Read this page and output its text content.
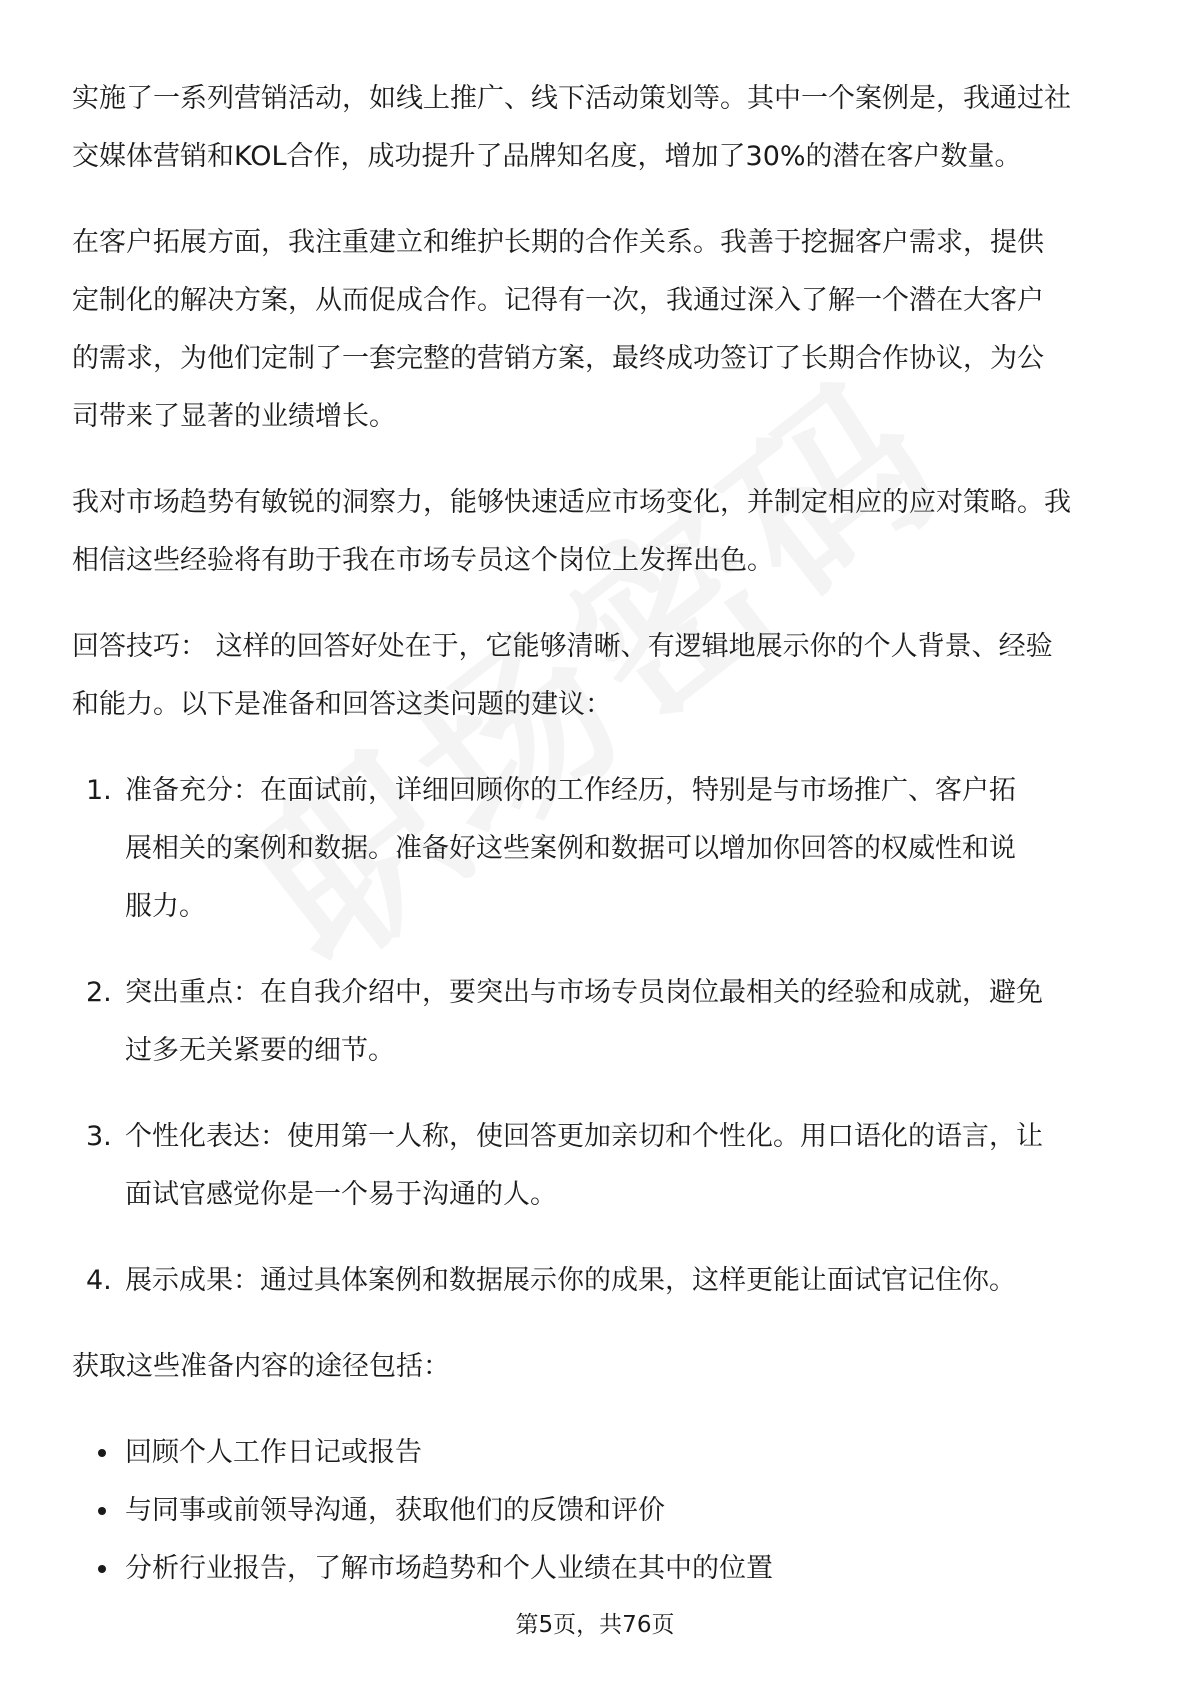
实施了一系列营销活动，如线上推广、线下活动策划等。其中一个案例是，我通过社交媒体营销和KOL合作，成功提升了品牌知名度，增加了30%的潜在客户数量。

在客户拓展方面，我注重建立和维护长期的合作关系。我善于挖掘客户需求，提供定制化的解决方案，从而促成合作。记得有一次，我通过深入了解一个潜在大客户的需求，为他们定制了一套完整的营销方案，最终成功签订了长期合作协议，为公司带来了显著的业绩增长。

我对市场趋势有敏锐的洞察力，能够快速适应市场变化，并制定相应的应对策略。我相信这些经验将有助于我在市场专员这个岗位上发挥出色。

回答技巧： 这样的回答好处在于，它能够清晰、有逻辑地展示你的个人背景、经验和能力。以下是准备和回答这类问题的建议：

1. 准备充分：在面试前，详细回顾你的工作经历，特别是与市场推广、客户拓展相关的案例和数据。准备好这些案例和数据可以增加你回答的权威性和说服力。
2. 突出重点：在自我介绍中，要突出与市场专员岗位最相关的经验和成就，避免过多无关紧要的细节。
3. 个性化表达：使用第一人称，使回答更加亲切和个性化。用口语化的语言，让面试官感觉你是一个易于沟通的人。
4. 展示成果：通过具体案例和数据展示你的成果，这样更能让面试官记住你。

获取这些准备内容的途径包括：

回顾个人工作日记或报告
与同事或前领导沟通，获取他们的反馈和评价
分析行业报告，了解市场趋势和个人业绩在其中的位置
第5页，共76页
